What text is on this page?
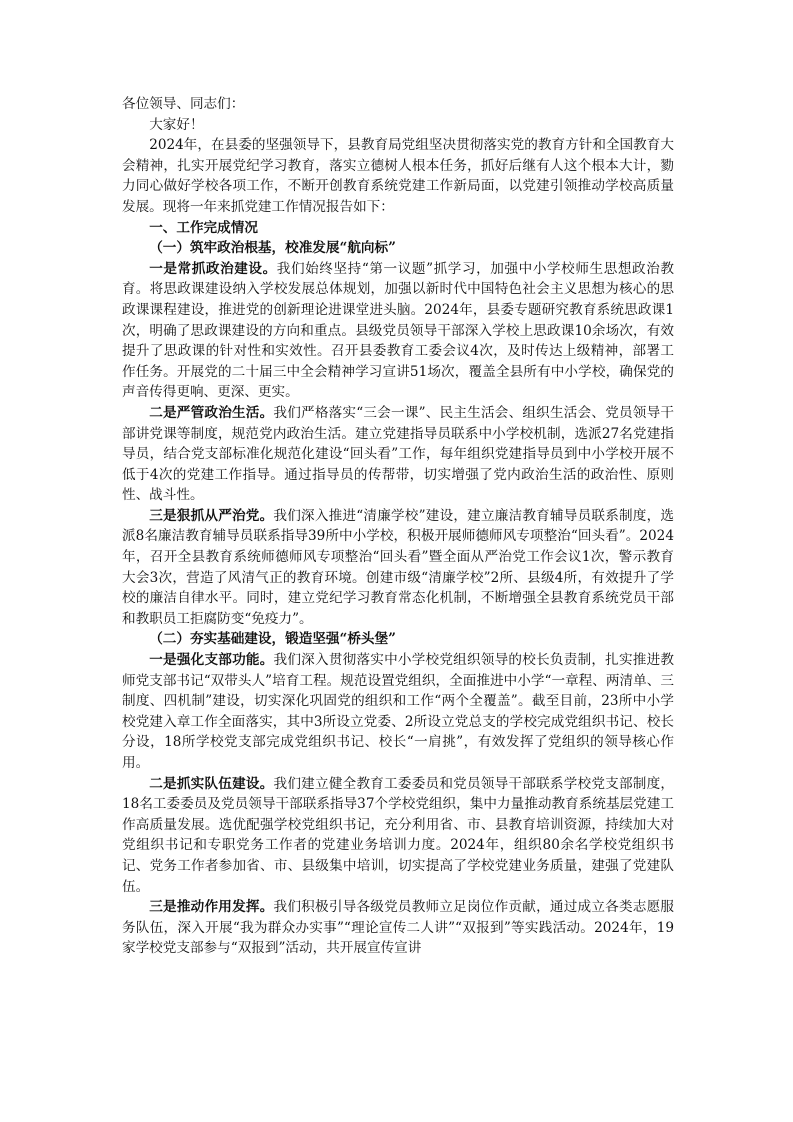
各位领导、同志们：

大家好！

2024年，在县委的坚强领导下，县教育局党组坚决贯彻落实党的教育方针和全国教育大会精神，扎实开展党纪学习教育，落实立德树人根本任务，抓好后继有人这个根本大计，勠力同心做好学校各项工作，不断开创教育系统党建工作新局面，以党建引领推动学校高质量发展。现将一年来抓党建工作情况报告如下：

一、工作完成情况

（一）筑牢政治根基，校准发展“航向标”

一是常抓政治建设。我们始终坚持“第一议题”抓学习，加强中小学校师生思想政治教育。将思政课建设纳入学校发展总体规划，加强以新时代中国特色社会主义思想为核心的思政课课程建设，推进党的创新理论进课堂进头脑。2024年，县委专题研究教育系统思政课1次，明确了思政课建设的方向和重点。县级党员领导干部深入学校上思政课10余场次，有效提升了思政课的针对性和实效性。召开县委教育工委会议4次，及时传达上级精神，部署工作任务。开展党的二十届三中全会精神学习宣讲51场次，覆盖全县所有中小学校，确保党的声音传得更响、更深、更实。

二是严管政治生活。我们严格落实“三会一课”、民主生活会、组织生活会、党员领导干部讲党课等制度，规范党内政治生活。建立党建指导员联系中小学校机制，选派27名党建指导员，结合党支部标准化规范化建设“回头看”工作，每年组织党建指导员到中小学校开展不低于4次的党建工作指导。通过指导员的传帮带，切实增强了党内政治生活的政治性、原则性、战斗性。

三是狠抓从严治党。我们深入推进“清廉学校”建设，建立廉洁教育辅导员联系制度，选派8名廉洁教育辅导员联系指导39所中小学校，积极开展师德师风专项整治“回头看”。2024年，召开全县教育系统师德师风专项整治“回头看”暨全面从严治党工作会议1次，警示教育大会3次，营造了风清气正的教育环境。创建市级“清廉学校”2所、县级4所，有效提升了学校的廉洁自律水平。同时，建立党纪学习教育常态化机制，不断增强全县教育系统党员干部和教职员工拒腐防变“免疫力”。

（二）夯实基础建设，锻造坚强“桥头堡”

一是强化支部功能。我们深入贯彻落实中小学校党组织领导的校长负责制，扎实推进教师党支部书记“双带头人”培育工程。规范设置党组织，全面推进中小学“一章程、两清单、三制度、四机制”建设，切实深化巩固党的组织和工作“两个全覆盖”。截至目前，23所中小学校党建入章工作全面落实，其中3所设立党委、2所设立党总支的学校完成党组织书记、校长分设，18所学校党支部完成党组织书记、校长“一肩挑”，有效发挥了党组织的领导核心作用。

二是抓实队伍建设。我们建立健全教育工委委员和党员领导干部联系学校党支部制度，18名工委委员及党员领导干部联系指导37个学校党组织，集中力量推动教育系统基层党建工作高质量发展。选优配强学校党组织书记，充分利用省、市、县教育培训资源，持续加大对党组织书记和专职党务工作者的党建业务培训力度。2024年，组织80余名学校党组织书记、党务工作者参加省、市、县级集中培训，切实提高了学校党建业务质量，建强了党建队伍。

三是推动作用发挥。我们积极引导各级党员教师立足岗位作贡献，通过成立各类志愿服务队伍，深入开展“我为群众办实事”“理论宣传二人讲”“双报到”等实践活动。2024年，19家学校党支部参与“双报到”活动，共开展宣传宣讲
